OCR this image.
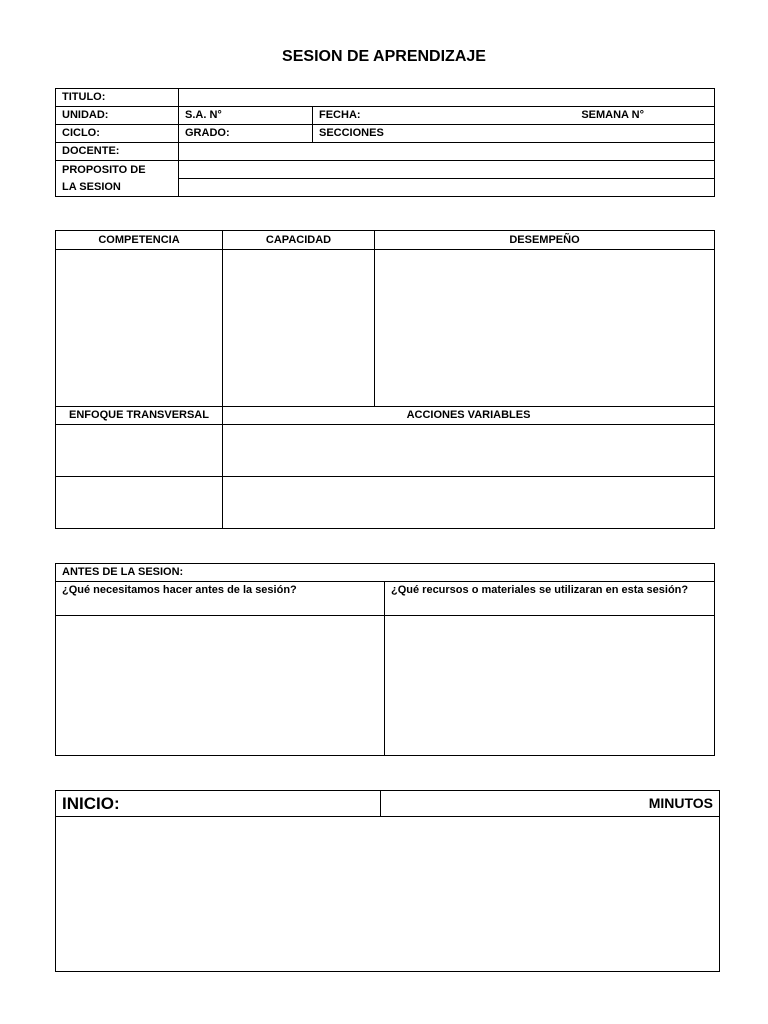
SESION DE APRENDIZAJE
TITULO:		
UNIDAD:	S.A. N°	FECHA: SEMANA N°

CICLO:	GRADO:	SECCIONES
DOCENTE:		
PROPOSITO DE
LA SESION		

COMPETENCIA	CAPACIDAD	DESEMPEÑO

ENFOQUE TRANSVERSAL	ACCIONES VARIABLES	

ANTES DE LA SESION:	
¿Qué necesitamos hacer antes de la sesión?	¿Qué recursos o materiales se utilizaran en esta sesión?

INICIO:	MINUTOS
